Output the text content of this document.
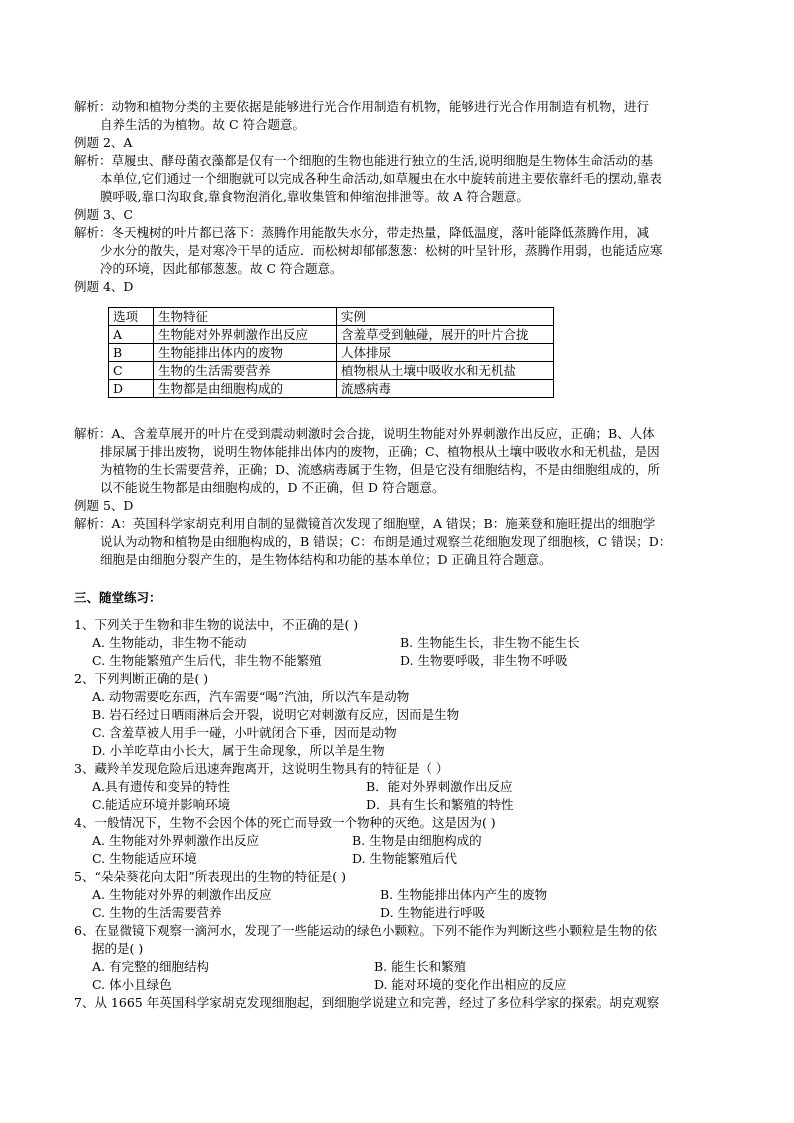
解析：动物和植物分类的主要依据是能够进行光合作用制造有机物，能够进行光合作用制造有机物，进行
自养生活的为植物。故 C 符合题意。
例题 2、A
解析：草履虫、酵母菌衣藻都是仅有一个细胞的生物也能进行独立的生活,说明细胞是生物体生命活动的基
本单位,它们通过一个细胞就可以完成各种生命活动,如草履虫在水中旋转前进主要依靠纤毛的摆动,靠表
膜呼吸,靠口沟取食,靠食物泡消化,靠收集管和伸缩泡排泄等。故 A 符合题意。
例题 3、C
解析：冬天槐树的叶片都已落下：蒸腾作用能散失水分，带走热量，降低温度，落叶能降低蒸腾作用，减
少水分的散失，是对寒冷干旱的适应．而松树却郁郁葱葱：松树的叶呈针形，蒸腾作用弱，也能适应寒
冷的环境，因此郁郁葱葱。故 C 符合题意。
例题 4、D
选项	生物特征	实例
A	生物能对外界刺激作出反应	含羞草受到触碰，展开的叶片合拢
B	生物能排出体内的废物	人体排尿
C	生物的生活需要营养	植物根从土壤中吸收水和无机盐
D	生物都是由细胞构成的	流感病毒
解析：A、含羞草展开的叶片在受到震动刺激时会合拢，说明生物能对外界刺激作出反应，正确；B、人体
排尿属于排出废物，说明生物体能排出体内的废物，正确；C、植物根从土壤中吸收水和无机盐，是因
为植物的生长需要营养，正确；D、流感病毒属于生物，但是它没有细胞结构，不是由细胞组成的，所
以不能说生物都是由细胞构成的，D 不正确，但 D 符合题意。
例题 5、D
解析：A：英国科学家胡克利用自制的显微镜首次发现了细胞壁，A 错误；B：施莱登和施旺提出的细胞学
说认为动物和植物是由细胞构成的，B 错误；C：布朗是通过观察兰花细胞发现了细胞核，C 错误；D：
细胞是由细胞分裂产生的，是生物体结构和功能的基本单位；D 正确且符合题意。
三、随堂练习：
1、下列关于生物和非生物的说法中，不正确的是( )
A. 生物能动，非生物不能动	B. 生物能生长，非生物不能生长
C. 生物能繁殖产生后代，非生物不能繁殖	D. 生物要呼吸，非生物不呼吸
2、下列判断正确的是( )
A. 动物需要吃东西，汽车需要“喝”汽油，所以汽车是动物
B. 岩石经过日晒雨淋后会开裂，说明它对刺激有反应，因而是生物
C. 含羞草被人用手一碰，小叶就闭合下垂，因而是动物
D. 小羊吃草由小长大，属于生命现象，所以羊是生物
3、藏羚羊发现危险后迅速奔跑离开，这说明生物具有的特征是（ ）
A.具有遗传和变异的特性	B．能对外界刺激作出反应
C.能适应环境并影响环境	D．具有生长和繁殖的特性
4、一般情况下，生物不会因个体的死亡而导致一个物种的灭绝。这是因为( )
A. 生物能对外界刺激作出反应	B. 生物是由细胞构成的
C. 生物能适应环境	D. 生物能繁殖后代
5、“朵朵葵花向太阳”所表现出的生物的特征是( )
A. 生物能对外界的刺激作出反应	B. 生物能排出体内产生的废物
C. 生物的生活需要营养	D. 生物能进行呼吸
6、在显微镜下观察一滴河水，发现了一些能运动的绿色小颗粒。下列不能作为判断这些小颗粒是生物的依
据的是( )
A. 有完整的细胞结构	B. 能生长和繁殖
C. 体小且绿色	D. 能对环境的变化作出相应的反应
7、从 1665 年英国科学家胡克发现细胞起，到细胞学说建立和完善，经过了多位科学家的探索。胡克观察
